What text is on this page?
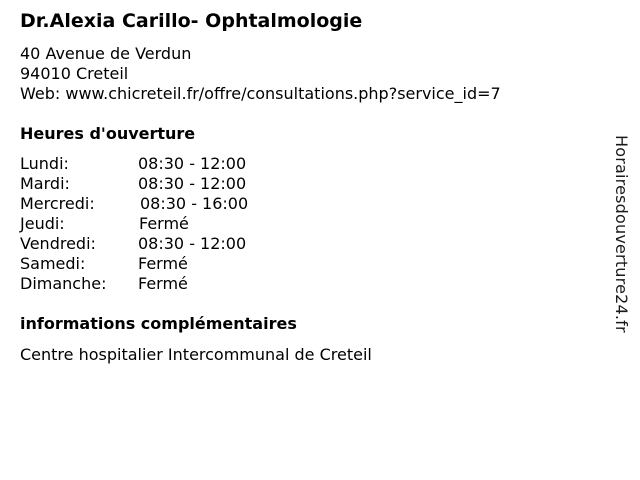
Dr.Alexia Carillo- Ophtalmologie
40 Avenue de Verdun
94010 Creteil
Web: www.chicreteil.fr/offre/consultations.php?service_id=7
Heures d'ouverture
Lundi:	08:30 - 12:00
Mardi:	08:30 - 12:00
Mercredi:	08:30 - 16:00
Jeudi:	Fermé
Vendredi:	08:30 - 12:00
Samedi:	Fermé
Dimanche: Fermé
informations complémentaires
Centre hospitalier Intercommunal de Creteil
Horairesdouverture24.fr
